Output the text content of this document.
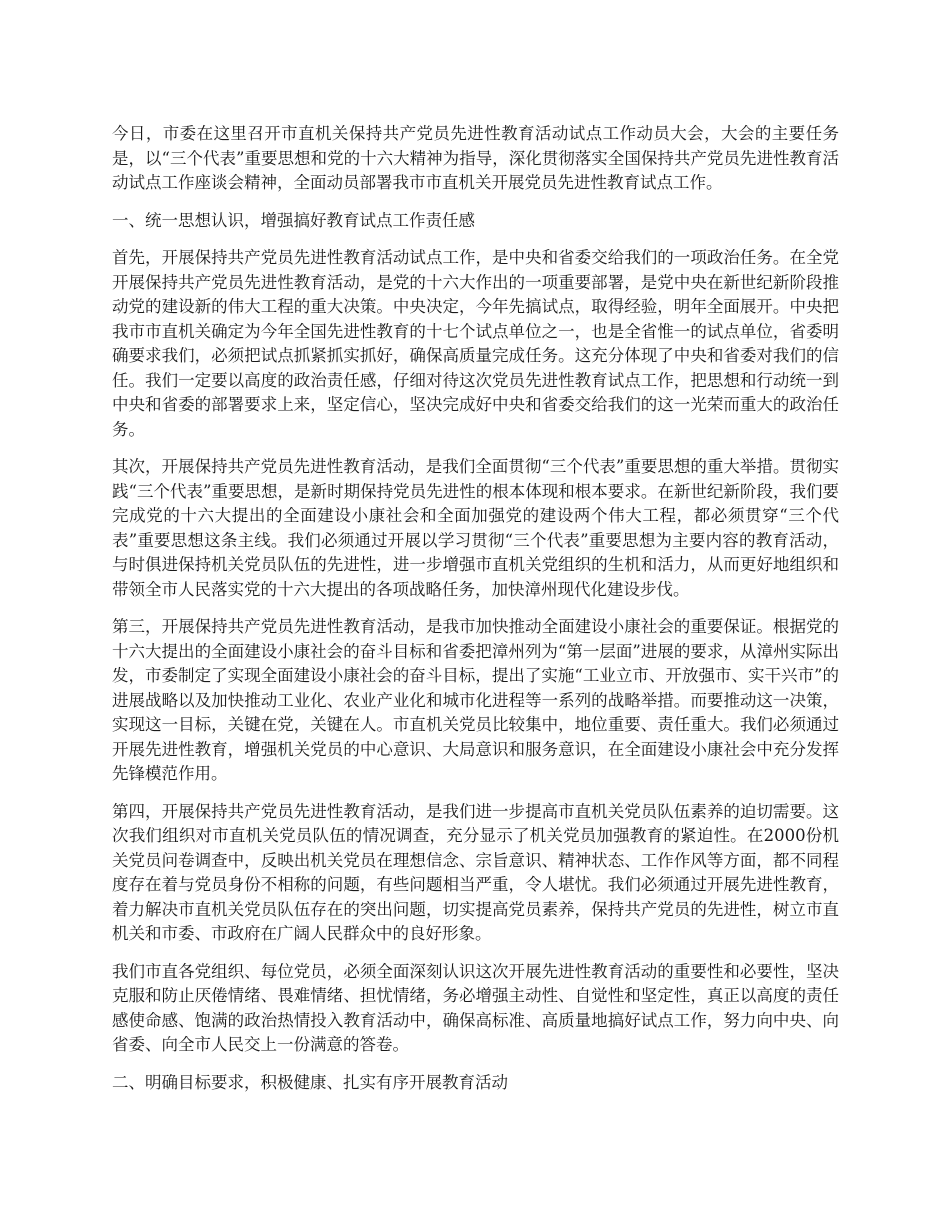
今日，市委在这里召开市直机关保持共产党员先进性教育活动试点工作动员大会，大会的主要任务是，以“三个代表”重要思想和党的十六大精神为指导，深化贯彻落实全国保持共产党员先进性教育活动试点工作座谈会精神，全面动员部署我市市直机关开展党员先进性教育试点工作。

一、统一思想认识，增强搞好教育试点工作责任感

首先，开展保持共产党员先进性教育活动试点工作，是中央和省委交给我们的一项政治任务。在全党开展保持共产党员先进性教育活动，是党的十六大作出的一项重要部署，是党中央在新世纪新阶段推动党的建设新的伟大工程的重大决策。中央决定，今年先搞试点，取得经验，明年全面展开。中央把我市市直机关确定为今年全国先进性教育的十七个试点单位之一，也是全省惟一的试点单位，省委明确要求我们，必须把试点抓紧抓实抓好，确保高质量完成任务。这充分体现了中央和省委对我们的信任。我们一定要以高度的政治责任感，仔细对待这次党员先进性教育试点工作，把思想和行动统一到中央和省委的部署要求上来，坚定信心，坚决完成好中央和省委交给我们的这一光荣而重大的政治任务。

其次，开展保持共产党员先进性教育活动，是我们全面贯彻“三个代表”重要思想的重大举措。贯彻实践“三个代表”重要思想，是新时期保持党员先进性的根本体现和根本要求。在新世纪新阶段，我们要完成党的十六大提出的全面建设小康社会和全面加强党的建设两个伟大工程，都必须贯穿“三个代表”重要思想这条主线。我们必须通过开展以学习贯彻“三个代表”重要思想为主要内容的教育活动，与时俱进保持机关党员队伍的先进性，进一步增强市直机关党组织的生机和活力，从而更好地组织和带领全市人民落实党的十六大提出的各项战略任务，加快漳州现代化建设步伐。

第三，开展保持共产党员先进性教育活动，是我市加快推动全面建设小康社会的重要保证。根据党的十六大提出的全面建设小康社会的奋斗目标和省委把漳州列为“第一层面”进展的要求，从漳州实际出发，市委制定了实现全面建设小康社会的奋斗目标，提出了实施“工业立市、开放强市、实干兴市”的进展战略以及加快推动工业化、农业产业化和城市化进程等一系列的战略举措。而要推动这一决策，实现这一目标，关键在党，关键在人。市直机关党员比较集中，地位重要、责任重大。我们必须通过开展先进性教育，增强机关党员的中心意识、大局意识和服务意识，在全面建设小康社会中充分发挥先锋模范作用。

第四，开展保持共产党员先进性教育活动，是我们进一步提高市直机关党员队伍素养的迫切需要。这次我们组织对市直机关党员队伍的情况调查，充分显示了机关党员加强教育的紧迫性。在2000份机关党员问卷调查中，反映出机关党员在理想信念、宗旨意识、精神状态、工作作风等方面，都不同程度存在着与党员身份不相称的问题，有些问题相当严重，令人堪忧。我们必须通过开展先进性教育，着力解决市直机关党员队伍存在的突出问题，切实提高党员素养，保持共产党员的先进性，树立市直机关和市委、市政府在广阔人民群众中的良好形象。

我们市直各党组织、每位党员，必须全面深刻认识这次开展先进性教育活动的重要性和必要性，坚决克服和防止厌倦情绪、畏难情绪、担忧情绪，务必增强主动性、自觉性和坚定性，真正以高度的责任感使命感、饱满的政治热情投入教育活动中，确保高标准、高质量地搞好试点工作，努力向中央、向省委、向全市人民交上一份满意的答卷。

二、明确目标要求，积极健康、扎实有序开展教育活动
